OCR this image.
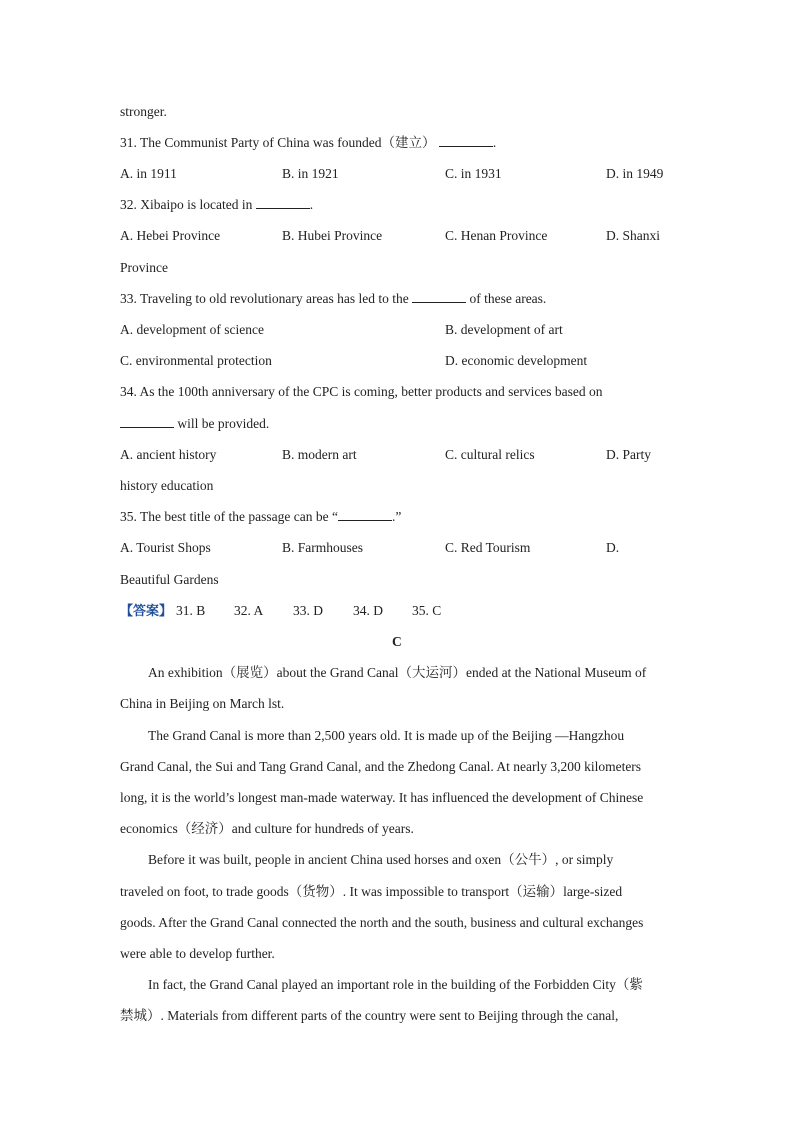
stronger.
31. The Communist Party of China was founded（建立）	.
A. in 1911	B. in 1921	C. in 1931	D. in 1949
32. Xibaipo is located in	.
A. Hebei Province	B. Hubei Province	C. Henan Province	D. Shanxi
Province
33. Traveling to old revolutionary areas has led to the	of these areas.
A. development of science	B. development of art
C. environmental protection	D. economic development
34. As the 100th anniversary of the CPC is coming, better products and services based on
will be provided.
A. ancient history	B. modern art	C. cultural relics	D. Party
history education
35. The best title of the passage can be “	.”
A. Tourist Shops	B. Farmhouses	C. Red Tourism	D.
Beautiful Gardens
【答案】 31. B 32. A 33. D 34. D 35. C
C
An exhibition（展览）about the Grand Canal（大运河）ended at the National Museum of
China in Beijing on March lst.
The Grand Canal is more than 2,500 years old. It is made up of the Beijing —Hangzhou
Grand Canal, the Sui and Tang Grand Canal, and the Zhedong Canal. At nearly 3,200 kilometers
long, it is the world’s longest man-made waterway. It has influenced the development of Chinese
economics（经济）and culture for hundreds of years.
Before it was built, people in ancient China used horses and oxen（公牛）, or simply
traveled on foot, to trade goods（货物）. It was impossible to transport（运输）large-sized
goods. After the Grand Canal connected the north and the south, business and cultural exchanges
were able to develop further.
In fact, the Grand Canal played an important role in the building of the Forbidden City（紫
禁城）. Materials from different parts of the country were sent to Beijing through the canal,
